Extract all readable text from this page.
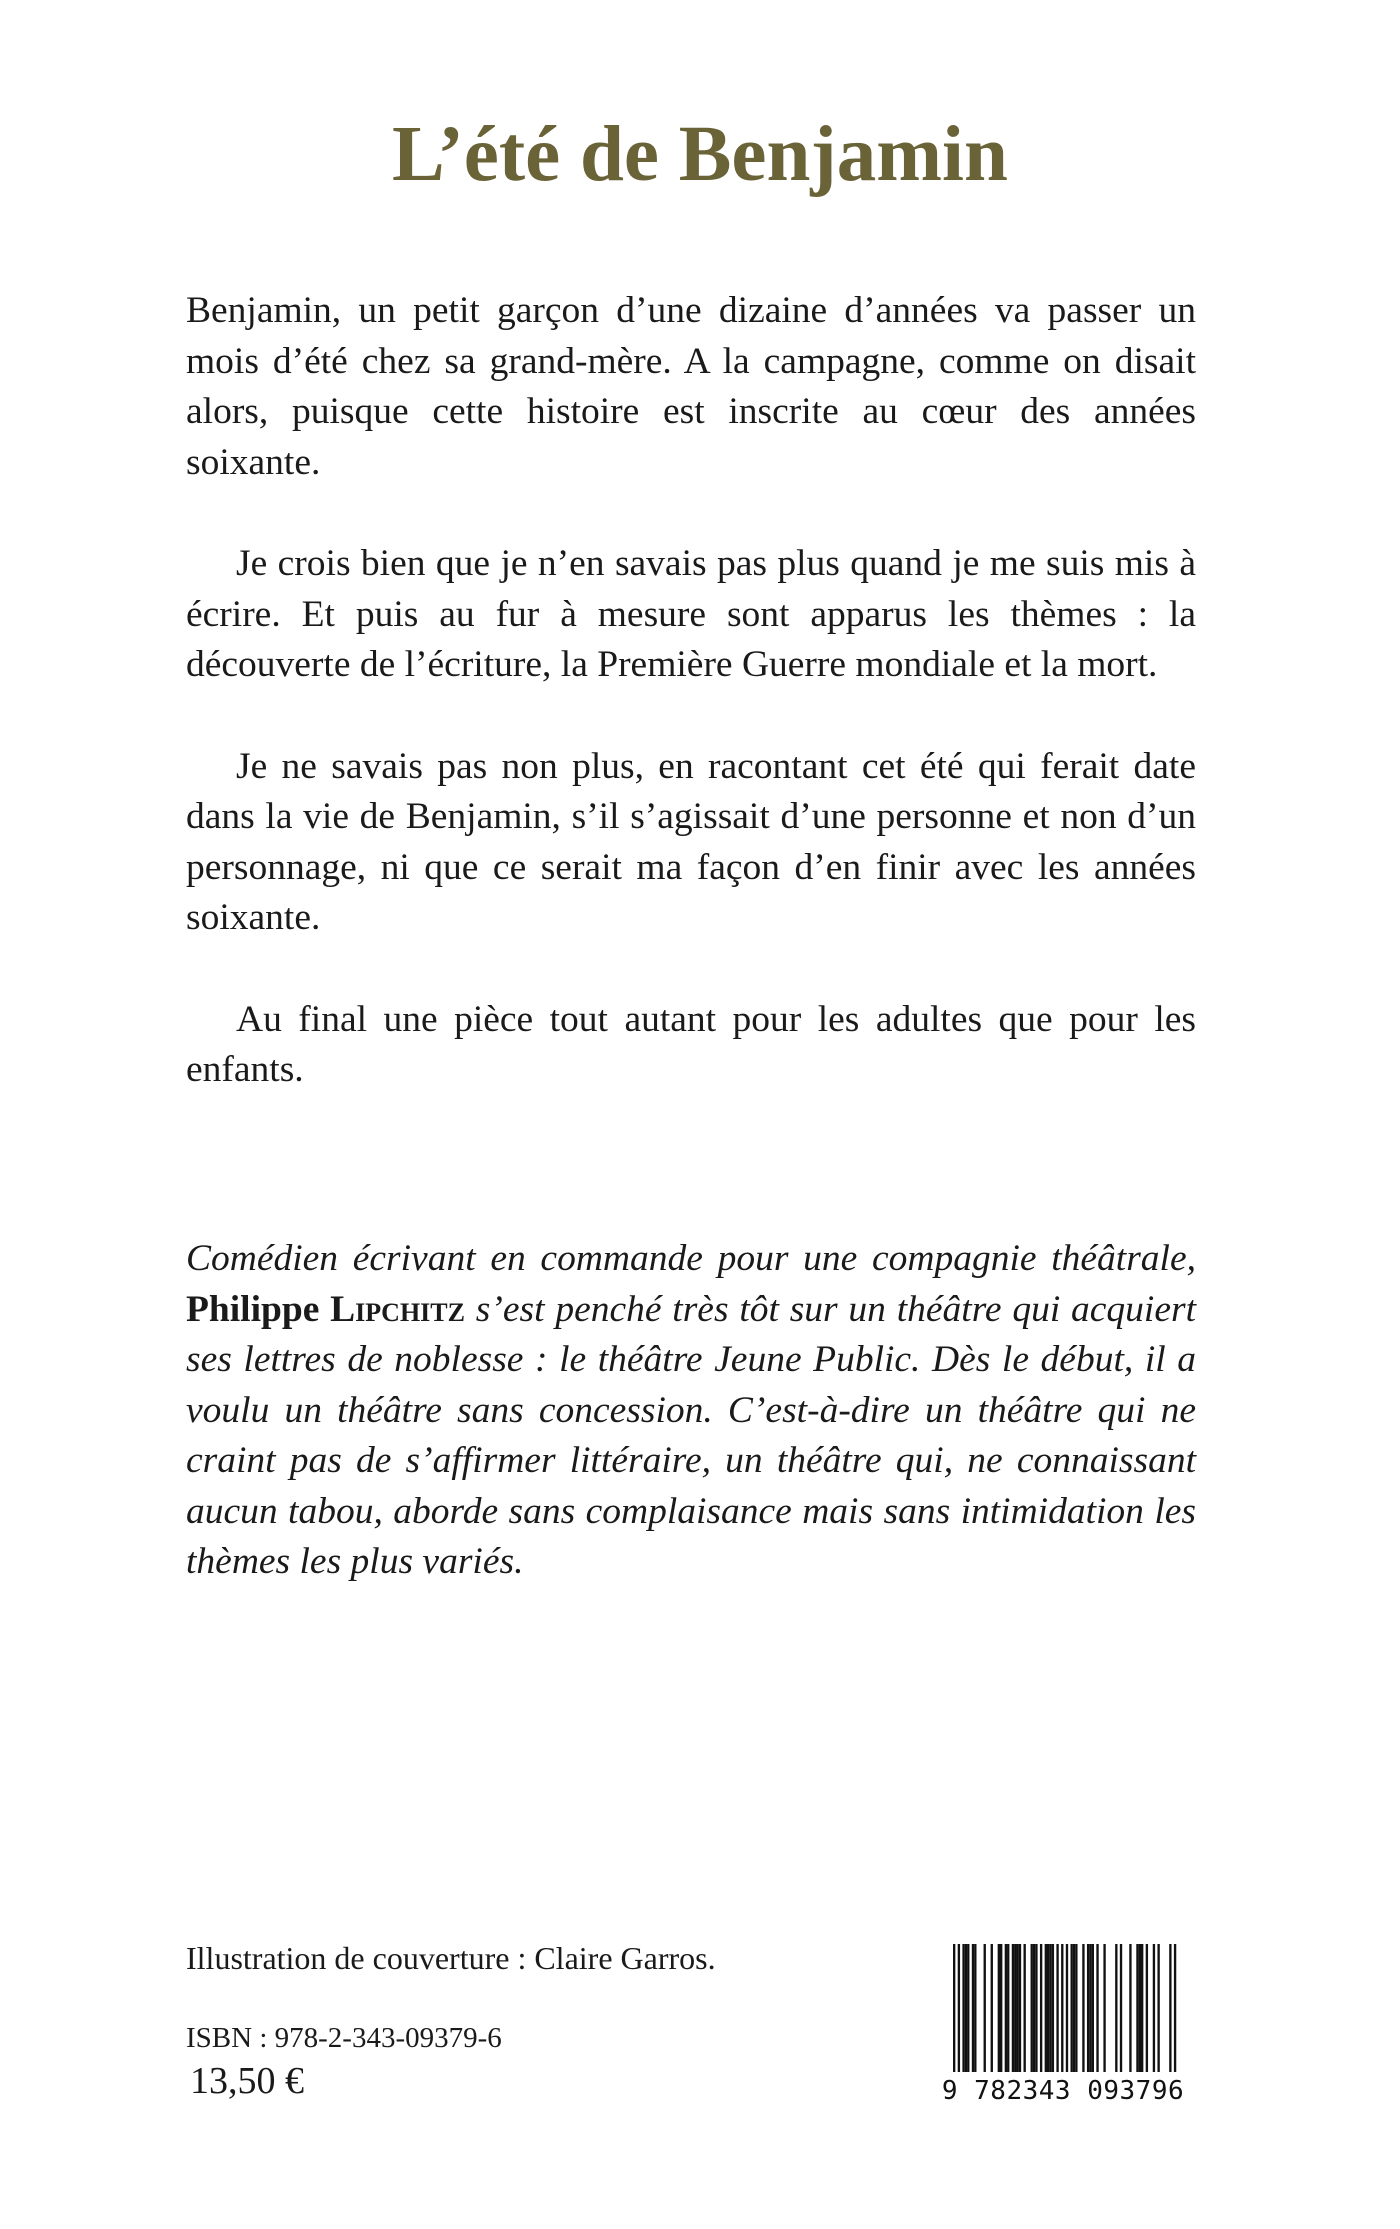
L’été de Benjamin

Benjamin, un petit garçon d’une dizaine d’années va passer un mois d’été chez sa grand-mère. A la campagne, comme on disait alors, puisque cette histoire est inscrite au cœur des années soixante.

Je crois bien que je n’en savais pas plus quand je me suis mis à écrire. Et puis au fur à mesure sont apparus les thèmes : la découverte de l’écriture, la Première Guerre mondiale et la mort.

Je ne savais pas non plus, en racontant cet été qui ferait date dans la vie de Benjamin, s’il s’agissait d’une personne et non d’un personnage, ni que ce serait ma façon d’en finir avec les années soixante.

Au final une pièce tout autant pour les adultes que pour les enfants.

Comédien écrivant en commande pour une compagnie théâtrale, Philippe Lipchitz s’est penché très tôt sur un théâtre qui acquiert ses lettres de noblesse : le théâtre Jeune Public. Dès le début, il a voulu un théâtre sans concession. C’est-à-dire un théâtre qui ne craint pas de s’affirmer littéraire, un théâtre qui, ne connaissant aucun tabou, aborde sans complaisance mais sans intimidation les thèmes les plus variés.

Illustration de couverture : Claire Garros.

ISBN : 978-2-343-09379-6

13,50 €	9 782343 093796
